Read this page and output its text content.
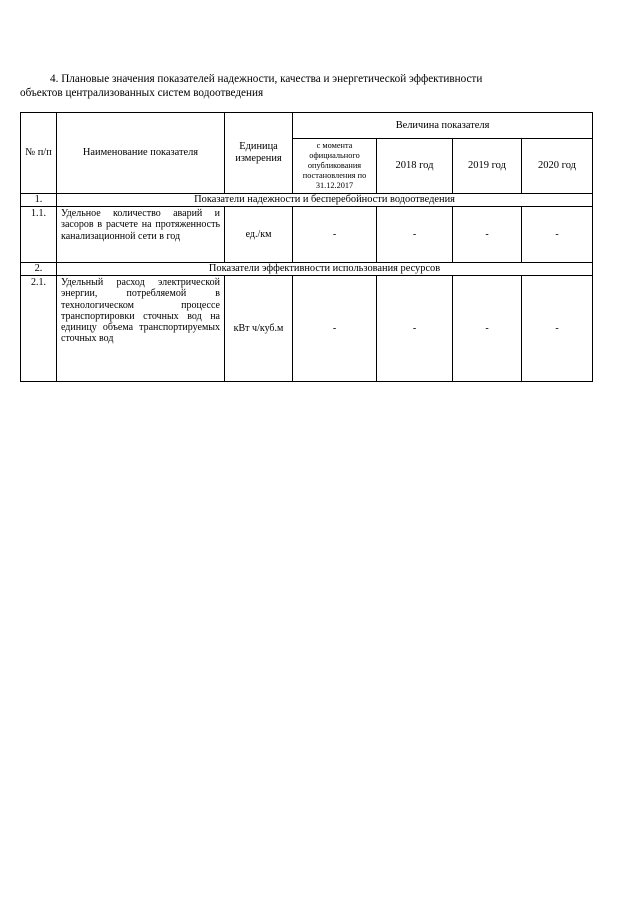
4. Плановые значения показателей надежности, качества и энергетической эффективности
объектов централизованных систем водоотведения
№ п/п	Наименование показателя	Единица измерения	Величина показателя			
			с момента официального опубликования постановления по 31.12.2017	2018 год	2019 год	2020 год
1.	Показатели надежности и бесперебойности водоотведения					
1.1.	Удельное количество аварий и засоров в расчете на протяженность канализационной сети в год	ед./км	-	-	-	-
2.	Показатели эффективности использования ресурсов					
2.1.	Удельный расход электрической энергии, потребляемой в технологическом процессе транспортировки сточных вод на единицу объема транспортируемых сточных вод	кВт ч/куб.м	-	-	-	-
